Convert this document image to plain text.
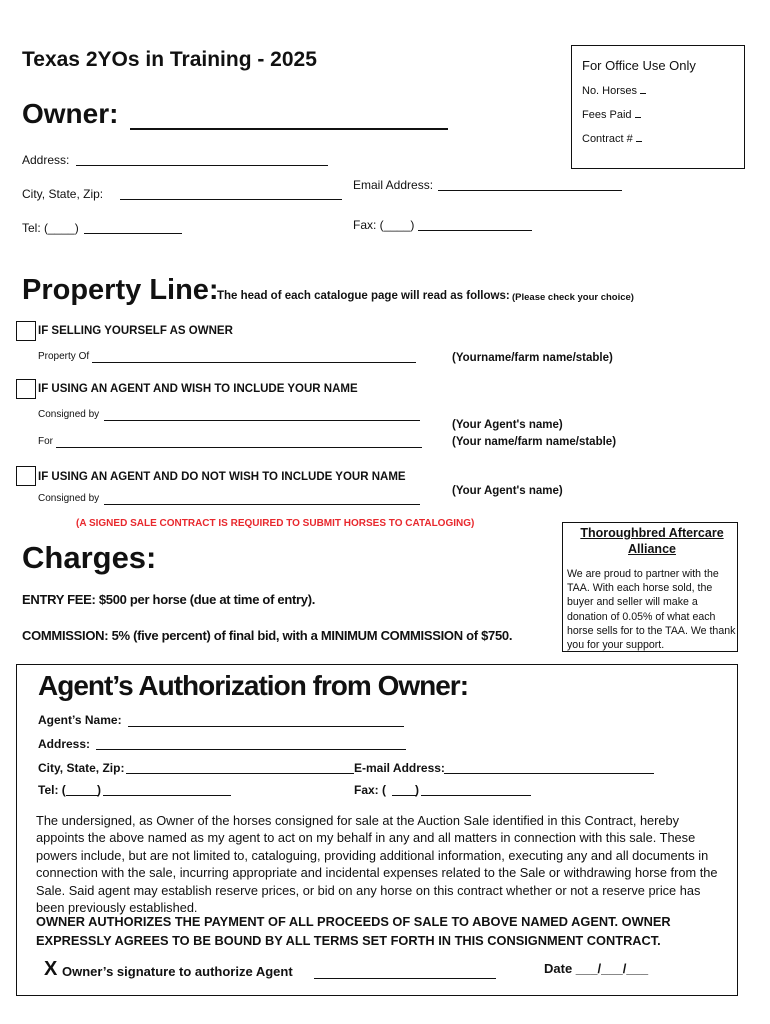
Texas 2YOs in Training - 2025
Owner:
For Office Use Only
No. Horses
Fees Paid
Contract #
Address:
City, State, Zip:
Email Address:
Tel: (____)	Fax: (____)
Property Line:
The head of each catalogue page will read as follows: (Please check your choice)
IF SELLING YOURSELF AS OWNER
Property Of	(Yourname/farm name/stable)
IF USING AN AGENT AND WISH TO INCLUDE YOUR NAME
Consigned by
For
(Your Agent's name)
(Your name/farm name/stable)
IF USING AN AGENT AND DO NOT WISH TO INCLUDE YOUR NAME
Consigned by
(Your Agent's name)
(A SIGNED SALE CONTRACT IS REQUIRED TO SUBMIT HORSES TO CATALOGING)
Charges:
ENTRY FEE: $500 per horse (due at time of entry).
COMMISSION: 5% (five percent) of final bid, with a MINIMUM COMMISSION of $750.
Thoroughbred Aftercare Alliance
We are proud to partner with the TAA. With each horse sold, the buyer and seller will make a donation of 0.05% of what each horse sells for to the TAA. We thank you for your support.
Agent’s Authorization from Owner:
Agent’s Name:
Address:
City, State, Zip:	E-mail Address:
Tel: (	)	Fax: ( )
The undersigned, as Owner of the horses consigned for sale at the Auction Sale identified in this Contract, hereby appoints the above named as my agent to act on my behalf in any and all matters in connection with this sale. These powers include, but are not limited to, cataloguing, providing additional information, executing any and all documents in connection with the sale, incurring appropriate and incidental expenses related to the Sale or withdrawing horse from the Sale. Said agent may establish reserve prices, or bid on any horse on this contract whether or not a reserve price has been previously established.
OWNER AUTHORIZES THE PAYMENT OF ALL PROCEEDS OF SALE TO ABOVE NAMED AGENT. OWNER EXPRESSLY AGREES TO BE BOUND BY ALL TERMS SET FORTH IN THIS CONSIGNMENT CONTRACT.
X Owner’s signature to authorize Agent	Date ___/___/___
